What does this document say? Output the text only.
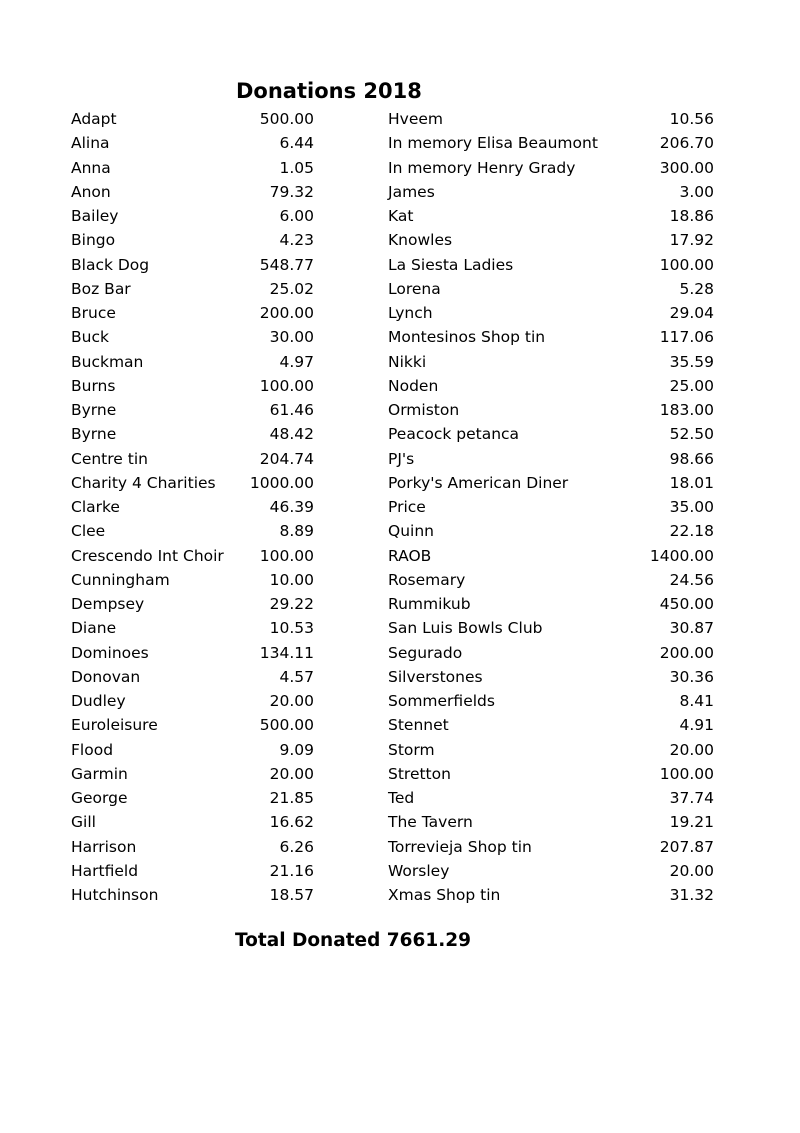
Donations 2018
Adapt	500.00
Alina	6.44
Anna	1.05
Anon	79.32
Bailey	6.00
Bingo	4.23
Black Dog	548.77
Boz Bar	25.02
Bruce	200.00
Buck	30.00
Buckman	4.97
Burns	100.00
Byrne	61.46
Byrne	48.42
Centre tin	204.74
Charity 4 Charities 1000.00
Clarke	46.39
Clee	8.89
Crescendo Int Choir 100.00
Cunningham	10.00
Dempsey	29.22
Diane	10.53
Dominoes	134.11
Donovan	4.57
Dudley	20.00
Euroleisure	500.00
Flood	9.09
Garmin	20.00
George	21.85
Gill	16.62
Harrison	6.26
Hartfield	21.16
Hutchinson	18.57
Hveem	10.56
In memory Elisa Beaumont	206.70
In memory Henry Grady	300.00
James	3.00
Kat	18.86
Knowles	17.92
La Siesta Ladies	100.00
Lorena	5.28
Lynch	29.04
Montesinos Shop tin	117.06
Nikki	35.59
Noden	25.00
Ormiston	183.00
Peacock petanca	52.50
PJ's	98.66
Porky's American Diner	18.01
Price	35.00
Quinn	22.18
RAOB	1400.00
Rosemary	24.56
Rummikub	450.00
San Luis Bowls Club	30.87
Segurado	200.00
Silverstones	30.36
Sommerfields	8.41
Stennet	4.91
Storm	20.00
Stretton	100.00
Ted	37.74
The Tavern	19.21
Torrevieja Shop tin	207.87
Worsley	20.00
Xmas Shop tin	31.32
Total Donated 7661.29
